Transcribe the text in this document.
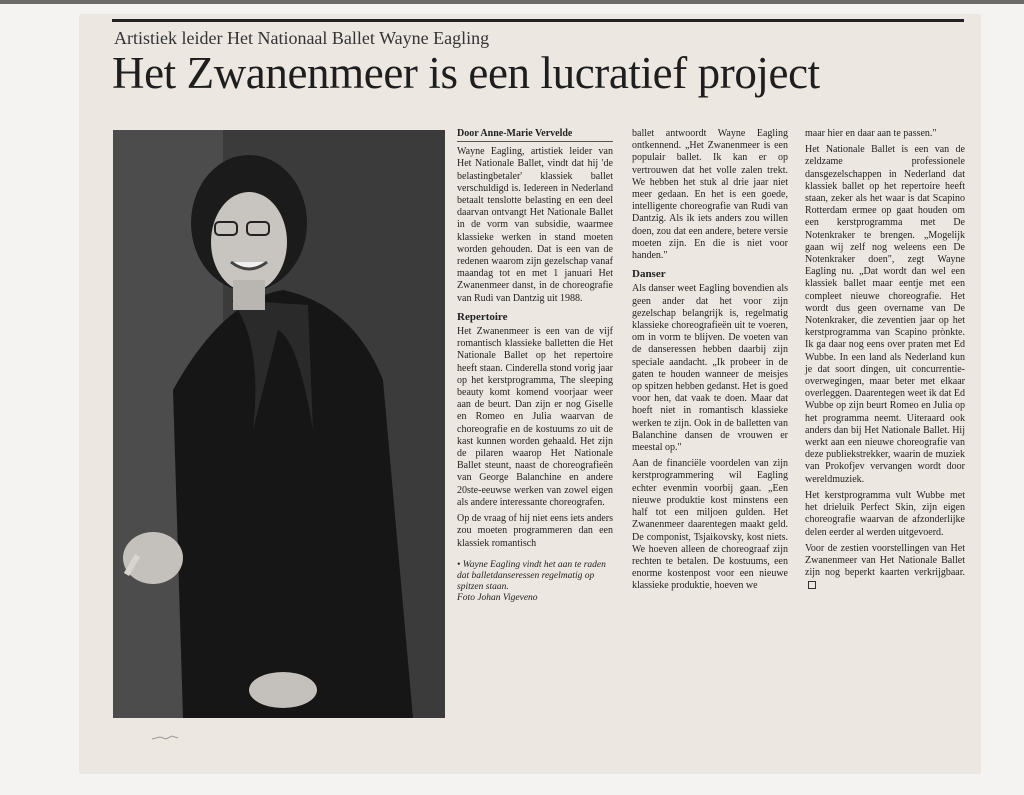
Artistiek leider Het Nationaal Ballet Wayne Eagling
Het Zwanenmeer is een lucratief project
Door Anne-Marie Vervelde

Wayne Eagling, artistiek leider van Het Nationale Ballet, vindt dat hij 'de belastingbetaler' klassiek ballet verschuldigd is. Iedereen in Nederland betaalt tenslotte belasting en een deel daarvan ontvangt Het Nationale Ballet in de vorm van subsidie, waarmee klassieke werken in stand moeten worden gehouden. Dat is een van de redenen waarom zijn gezelschap vanaf maandag tot en met 1 januari Het Zwanenmeer danst, in de choreografie van Rudi van Dantzig uit 1988.

Repertoire

Het Zwanenmeer is een van de vijf romantisch klassieke balletten die Het Nationale Ballet op het repertoire heeft staan. Cinderella stond vorig jaar op het kerstprogramma, The sleeping beauty komt komend voorjaar weer aan de beurt. Dan zijn er nog Giselle en Romeo en Julia waarvan de choreografie en de kostuums zo uit de kast kunnen worden gehaald. Het zijn de pilaren waarop Het Nationale Ballet steunt, naast de choreografieën van George Balanchine en andere 20ste-eeuwse werken van zowel eigen als andere interessante choreografen.

Op de vraag of hij niet eens iets anders zou moeten programmeren dan een klassiek romantisch

• Wayne Eagling vindt het aan te raden dat balletdanseressen regelmatig op spitzen staan.
Foto Johan Vigeveno

ballet antwoordt Wayne Eagling ontkennend. „Het Zwanenmeer is een populair ballet. Ik kan er op vertrouwen dat het volle zalen trekt. We hebben het stuk al drie jaar niet meer gedaan. En het is een goede, intelligente choreografie van Rudi van Dantzig. Als ik iets anders zou willen doen, zou dat een andere, betere versie moeten zijn. En die is niet voor handen."

Danser

Als danser weet Eagling bovendien als geen ander dat het voor zijn gezelschap belangrijk is, regelmatig klassieke choreografieën uit te voeren, om in vorm te blijven. De voeten van de danseressen hebben daarbij zijn speciale aandacht. „Ik probeer in de gaten te houden wanneer de meisjes op spitzen hebben gedanst. Het is goed voor hen, dat vaak te doen. Maar dat hoeft niet in romantisch klassieke werken te zijn. Ook in de balletten van Balanchine dansen de vrouwen er meestal op."

Aan de financiële voordelen van zijn kerstprogrammering wil Eagling echter evenmin voorbij gaan. „Een nieuwe produktie kost minstens een half tot een miljoen gulden. Het Zwanenmeer daarentegen maakt geld. De componist, Tsjaikovsky, kost niets. We hoeven alleen de choreograaf zijn rechten te betalen. De kostuums, een enorme kostenpost voor een nieuwe klassieke produktie, hoeven we

maar hier en daar aan te passen."

Het Nationale Ballet is een van de zeldzame professionele dansgezelschappen in Nederland dat klassiek ballet op het repertoire heeft staan, zeker als het waar is dat Scapino Rotterdam ermee op gaat houden om een kerstprogramma met De Notenkraker te brengen. „Mogelijk gaan wij zelf nog weleens een De Notenkraker doen", zegt Wayne Eagling nu. „Dat wordt dan wel een klassiek ballet maar eentje met een compleet nieuwe choreografie. Het wordt dus geen overname van De Notenkraker, die zeventien jaar op het kerstprogramma van Scapino prònkte. Ik ga daar nog eens over praten met Ed Wubbe. In een land als Nederland kun je dat soort dingen, uit concurrentie-overwegingen, maar beter met elkaar overleggen. Daarentegen weet ik dat Ed Wubbe op zijn beurt Romeo en Julia op het programma neemt. Uiteraard ook anders dan bij Het Nationale Ballet. Hij werkt aan een nieuwe choreografie van deze publiekstrekker, waarin de muziek van Prokofjev vervangen wordt door wereldmuziek.

Het kerstprogramma vult Wubbe met het drieluik Perfect Skin, zijn eigen choreografie waarvan de afzonderlijke delen eerder al werden uitgevoerd.

Voor de zestien voorstellingen van Het Zwanenmeer van Het Nationale Ballet zijn nog beperkt kaarten verkrijgbaar.
